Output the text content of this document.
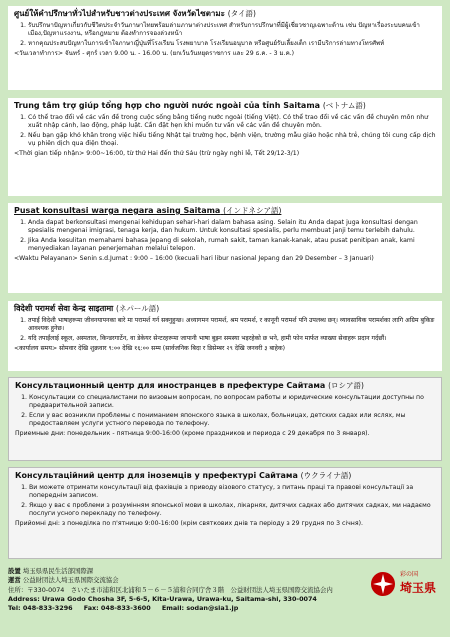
ศูนย์ให้คำปรึกษาทั่วไปสำหรับชาวต่างประเทศ จังหวัดไซตามะ (タイ語)
1. รับปรึกษาปัญหาเกี่ยวกับชีวิตประจำวันภาษาไทยพร้อมล่ามภาษาต่างประเทศ สำหรับการปรึกษาที่มีผู้เชี่ยวชาญเฉพาะด้าน เช่น ปัญหาเรื่องระบบคนเข้าเมือง,ปัญหาแรงงาน, หรือกฎหมาย ต้องทำการจองล่วงหน้า
2. หากคุณประสบปัญหาในการเข้าใจภาษาญี่ปุ่นที่โรงเรียน โรงพยาบาล โรงเรียนอนุบาล หรือศูนย์รับเลี้ยงเด็ก เรามีบริการล่ามทางโทรศัพท์
<วันเวลาทำการ> จันทร์ - ศุกร์ เวลา 9.00 น. - 16.00 น. (ยกเว้นวันหยุดราชการ และ 29 ธ.ค. - 3 ม.ค.)
Trung tâm trợ giúp tổng hợp cho người nước ngoài của tỉnh Saitama (ベトナム語)
1. Có thể trao đổi về các vấn đề trong cuộc sống bằng tiếng nước ngoài (tiếng Việt). Có thể trao đổi về các vấn đề chuyên môn như xuất nhập cảnh, lao động, pháp luật. Cần đặt hẹn khi muốn tư vấn về các vấn đề chuyên môn.
2. Nếu bạn gặp khó khăn trong việc hiểu tiếng Nhật tại trường học, bệnh viện, trường mẫu giáo hoặc nhà trẻ, chúng tôi cung cấp dịch vụ phiên dịch qua điện thoại.
<Thời gian tiếp nhận> 9:00~16:00, từ thứ Hai đến thứ Sáu (trừ ngày nghỉ lễ, Tết 29/12-3/1)
Pusat konsultasi warga negara asing Saitama (インドネシア語)
1. Anda dapat berkonsultasi mengenai kehidupan sehari-hari dalam bahasa asing. Selain itu Anda dapat juga konsultasi dengan spesialis mengenai imigrasi, tenaga kerja, dan hukum. Untuk konsultasi spesialis, perlu membuat janji temu terlebih dahulu.
2. Jika Anda kesulitan memahami bahasa Jepang di sekolah, rumah sakit, taman kanak-kanak, atau pusat penitipan anak, kami menyediakan layanan penerjemahan melalui telepon.
<Waktu Pelayanan> Senin s.d.Jumat : 9:00 – 16:00 (kecuali hari libur nasional Jepang dan 29 Desember – 3 Januari)
विदेशी परामर्श सेवा केन्द्र साइतामा (ネパール語)
1. तपाईं विदेशी भाषाहरूमा जीवनयापनका बारे मा परामर्श गर्न सक्नुहुन्छ। अध्यागमन परामर्श, श्रम परामर्श, र कानूनी परामर्श पनि उपलब्ध छन्। व्यावसायिक परामर्शका लागि अग्रिम बुकिङ आवश्यक हुनेछ।
2. यदि तपाईंलाई स्कूल, अस्पताल, किन्डरगार्टेन, वा डेकेयर सेन्टरहरूमा जापानी भाषा बुझ्न समस्या भइरहेको छ भने, हामी फोन मार्फत व्याख्या सेवाहरू प्रदान गर्दछौं।
<कार्यालय समय> सोमवार देखि शुक्रवार ९:०० देखि १६:०० सम्म (सार्वजनिक बिदा र डिसेम्बर २९ देखि जनवरी ३ बाहेक)
Консультационный центр для иностранцев в префектуре Сайтама (ロシア語)
1. Консультации со специалистами по визовым вопросам, по вопросам работы и юридические консультации доступны по предварительной записи.
2. Если у вас возникли проблемы с пониманием японского языка в школах, больницах, детских садах или яслях, мы предоставляем услуги устного перевода по телефону.
Приемные дни: понедельник - пятница 9:00-16:00 (кроме праздников и периода с 29 декабря по 3 января).
Консультаційний центр для іноземців у префектурі Сайтама (ウクライナ語)
1. Ви можете отримати консультації від фахівців з приводу візового статусу, з питань праці та правові консультації за попереднім записом.
2. Якщо у вас є проблеми з розумінням японської мови в школах, лікарнях, дитячих садках або дитячих садках, ми надаємо послуги усного перекладу по телефону.
Прийомні дні: з понеділка по п'ятницю 9:00-16:00 (крім святкових днів та періоду з 29 грудня по 3 січня).
設置 埼玉県県民生活部国際課
運営 公益財団法人埼玉県国際交流協会
住所：〒330-0074　さいたま市浦和区北浦和５－６－５浦和合同庁舎３階　公益財団法人埼玉県国際交流協会内
Address: Urawa Godo Chosha 3F, 5-6-5, Kita-Urawa, Urawa-ku, Saitama-shi, 330-0074
Tel: 048-833-3296 Fax: 048-833-3600 Email: sodan@sia1.jp
彩の国
埼玉県
